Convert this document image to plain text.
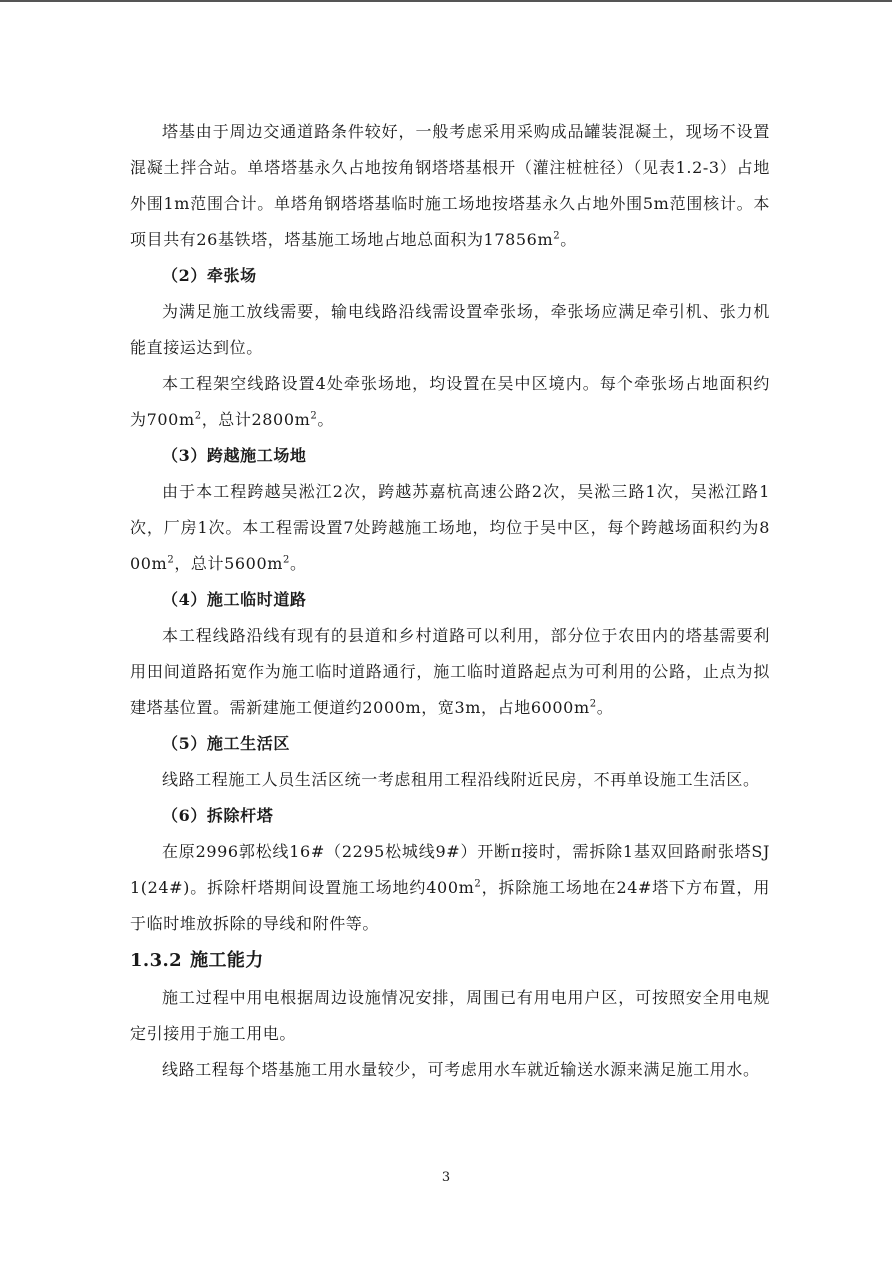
塔基由于周边交通道路条件较好，一般考虑采用采购成品罐装混凝土，现场不设置混凝土拌合站。单塔塔基永久占地按角钢塔塔基根开（灌注桩桩径）（见表1.2-3）占地外围1m范围合计。单塔角钢塔塔基临时施工场地按塔基永久占地外围5m范围核计。本项目共有26基铁塔，塔基施工场地占地总面积为$17856m^2$。

（2）牵张场

为满足施工放线需要，输电线路沿线需设置牵张场，牵张场应满足牵引机、张力机能直接运达到位。

本工程架空线路设置4处牵张场地，均设置在吴中区境内。每个牵张场占地面积约为$700m^2$，总计$2800m^2$。

（3）跨越施工场地

由于本工程跨越吴淞江2次，跨越苏嘉杭高速公路2次，吴淞三路1次，吴淞江路1次，厂房1次。本工程需设置7处跨越施工场地，均位于吴中区，每个跨越场面积约为$800m^2$，总计$5600m^2$。

（4）施工临时道路

本工程线路沿线有现有的县道和乡村道路可以利用，部分位于农田内的塔基需要利用田间道路拓宽作为施工临时道路通行，施工临时道路起点为可利用的公路，止点为拟建塔基位置。需新建施工便道约2000m，宽3m，占地$6000m^2$。

（5）施工生活区

线路工程施工人员生活区统一考虑租用工程沿线附近民房，不再单设施工生活区。

（6）拆除杆塔

在原2996郭松线16#（2295松城线9#）开断π接时，需拆除1基双回路耐张塔SJ1(24#)。拆除杆塔期间设置施工场地约$400m^2$，拆除施工场地在24#塔下方布置，用于临时堆放拆除的导线和附件等。

1.3.2 施工能力

施工过程中用电根据周边设施情况安排，周围已有用电用户区，可按照安全用电规定引接用于施工用电。

线路工程每个塔基施工用水量较少，可考虑用水车就近输送水源来满足施工用水。

3
